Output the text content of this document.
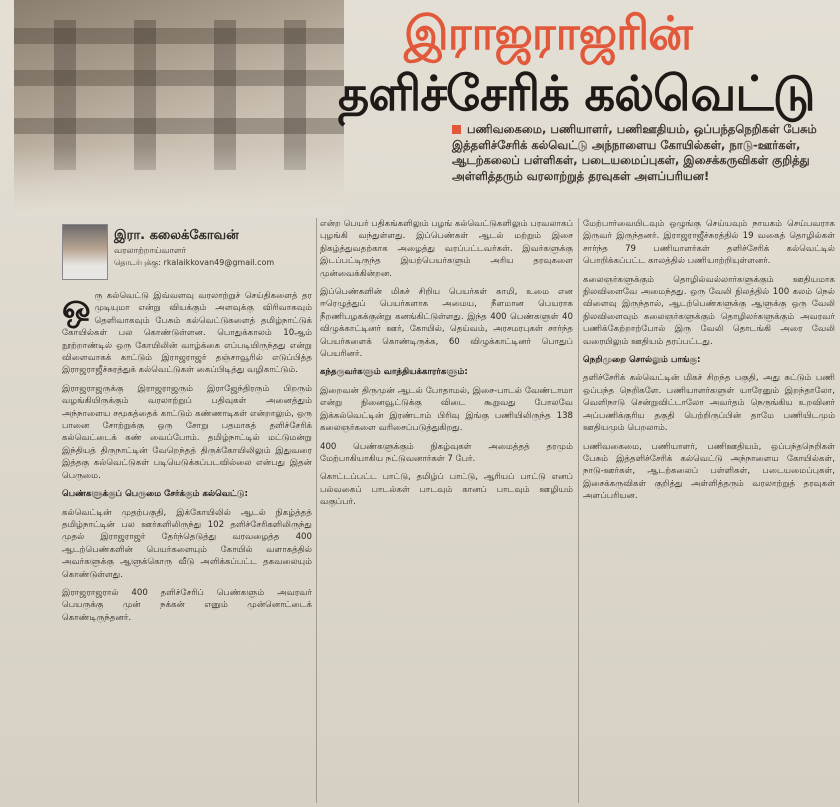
இராஜராஜரின்
தளிச்சேரிக் கல்வெட்டு
பணிவகைமை, பணியாளர், பணிஊதியம், ஒப்பந்தநெறிகள் பேசும் இத்தளிச்சேரிக் கல்வெட்டு அந்நாளைய கோயில்கள், நாடு-ஊர்கள், ஆடற்கலைப் பள்ளிகள், படையமைப்புகள், இசைக்கருவிகள் குறித்து அள்ளித்தரும் வரலாற்றுத் தரவுகள் அளப்பரியன!
இரா. கலைக்கோவன்
வரலாற்றாய்வாளர்
தொடர்புக்கு: rkalaikkovan49@gmail.com

ஒரு கல்வெட்டு இவ்வளவு வரலாற்றுச் செய்திகளைத் தர முடியுமா என்று வியக்கும் அளவுக்கு விரிவாகவும் தெளிவாகவும் பேசும் கல்வெட்டுகளைத் தமிழ்நாட்டுக் கோயில்கள் பல கொண்டுள்ளன. பொதுக்காலம் 10ஆம் நூற்றாண்டில் ஒரு கோயிலின் வாழ்க்கை எப்படியிருந்தது என்று விளைவாகக் காட்டும் இராஜராஜர் தஞ்சாவூரில் எடுப்பித்த இராஜராஜீச்சுரத்துக் கல்வெட்டுகள் கைப்பிடித்து வழிகாட்டும்.

இராஜராஜருக்கு இராஜராஜரும் இராஜேந்திரரும் பிறரும் வழங்கியிருக்கும் வரலாற்றுப் பதிவுகள் அனைத்தும் அந்நாளைய சமூகத்தைக் காட்டும் கண்ணாடிகள் என்றாலும், ஒரு பானை சோற்றுக்கு ஒரு சோறு பதமாகத் தளிச்சேரிக் கல்வெட்டைக் கண் வைப்போம். தமிழ்நாட்டில் மட்டுமன்று இந்தியத் திருநாட்டின் வேறெந்தத் திருக்கோயிலிலும் இதுவரை இத்தகு கல்வெட்டுகள் படியெடுக்கப்படவில்லை என்பது இதன் பெருமை.

பெண்களுக்குப் பெருமை சேர்க்கும் கல்வெட்டு:

கல்வெட்டின் முதற்பகுதி, இக்கோயிலில் ஆடல் நிகழ்த்தத் தமிழ்நாட்டின் பல ஊர்களிலிருந்து 102 தளிச்சேரிகளிலிருந்து முதல் இராஜராஜர் தேர்ந்தெடுத்து வரவழைத்த 400 ஆடற்பெண்களின் பெயர்களையும் கோயில் வளாகத்தில் அவர்களுக்கு ஆளுக்கொரு வீடு அளிக்கப்பட்ட தகவலையும் கொண்டுள்ளது.

இராஜராஜரால் 400 தளிச்சேரிப் பெண்களும் அவரவர் பெயருக்கு முன் நக்கன் எனும் முன்னொட்டைக் கொண்டிருந்தனர்.

என்ற பெயர் பதிகங்களிலும் பழங் கல்வெட்டுகளிலும் பரவலாகப் புழங்கி வந்துள்ளது. இப்பெண்கள் ஆடல் மற்றும் இசை நிகழ்த்துவதற்காக அழைத்து வரப்பட்டவர்கள். இவர்களுக்கு இடப்பட்டிருந்த இயற்பெயர்களும் அரிய தரவுகளை முன்வைக்கின்றன.

இப்பெண்களின் மிகச் சிறிய பெயர்கள் காமி, உமை என ஈரெழுத்துப் பெயர்களாக அமைய, நீளமான பெயராக நீறணிபழகக்குன்று கனங்கிட்டுள்ளது. இந்த 400 பெண்களுள் 40 விழுக்காட்டினர் ஊர், கோயில், தெய்வம், அரசமரபுகள் சார்ந்த பெயர்களைக் கொண்டிருக்க, 60 விழுக்காட்டினர் பொதுப் பெயரினர்.

கந்தருவர்களும் வாத்தியக்காரர்களும்:

இறைவன் திருமுன் ஆடல் போதாமல், இசை-பாடல் வேண்டாமா என்று நினைவூட்டுக்கு விடை கூறுவது போலவே இக்கல்வெட்டின் இரண்டாம் பிரிவு இங்கு பணியிலிருந்த 138 கலைஞர்களை வரிசைப்படுத்துகிறது.

400 பெண்களுக்கும் நிகழ்வுகள் அமைத்தத் தரமும் மேற்பாகியாகிய நட்டுவனார்கள் 7 பேர்.

கொட்டப்பட்ட பாட்டு, தமிழ்ப் பாட்டு, ஆரியப் பாட்டு எனப் பல்வகைப் பாடல்கள் பாடவும் கானப் பாடவும் ஊழியம் வகுப்பர்.

மேற்பார்வையிடவும் ஒழுங்கு செய்யவும் நாயகம் செய்பவராக இருவர் இருந்தனர். இராஜராஜீச்சுரத்தில் 19 வகைத் தொழில்கள் சார்ந்த 79 பணியாளர்கள் தளிச்சேரிக் கல்வெட்டில் பொறிக்கப்பட்ட காலத்தில் பணியாற்றியுள்ளனர்.

கலைஞர்களுக்கும் தொழில்வல்லார்களுக்கும் ஊதியமாக நிலவிளைவே அமைந்தது. ஒரு வேலி நிலத்தில் 100 கலம் நெல் விளைவு இருந்தால், ஆடற்பெண்களுக்கு ஆளுக்கு ஒரு வேலி நிலவிளைவும் கலைஞர்களுக்கும் தொழிலர்களுக்கும் அவரவர் பணிக்கேற்றாற்போல் இரு வேலி தொடங்கி அரை வேலி வரையிலும் ஊதியம் தரப்பட்டது.

நெறிமுறை சொல்லும் பாங்கு:

தளிச்சேரிக் கல்வெட்டின் மிகச் சிறந்த பகுதி, அது சுட்டும் பணி ஒப்பந்த நெறிகளே. பணியாளர்களுள் யாரேனும் இறந்தாலோ, வெளிநாடு சென்றுவிட்டாலோ அவர்தம் நெருங்கிய உறவினர் அப்பணிக்குரிய தகுதி பெற்றிருப்பின் தாமே பணியிடமும் ஊதியமும் பெறலாம்.

பணிவகைமை, பணியாளர், பணிஊதியம், ஒப்பந்தநெறிகள் பேசும் இத்தளிச்சேரிக் கல்வெட்டு அந்நாளைய கோயில்கள், நாடு-ஊர்கள், ஆடற்கலைப் பள்ளிகள், படையமைப்புகள், இசைக்கருவிகள் குறித்து அள்ளித்தரும் வரலாற்றுத் தரவுகள் அளப்பரியன.
